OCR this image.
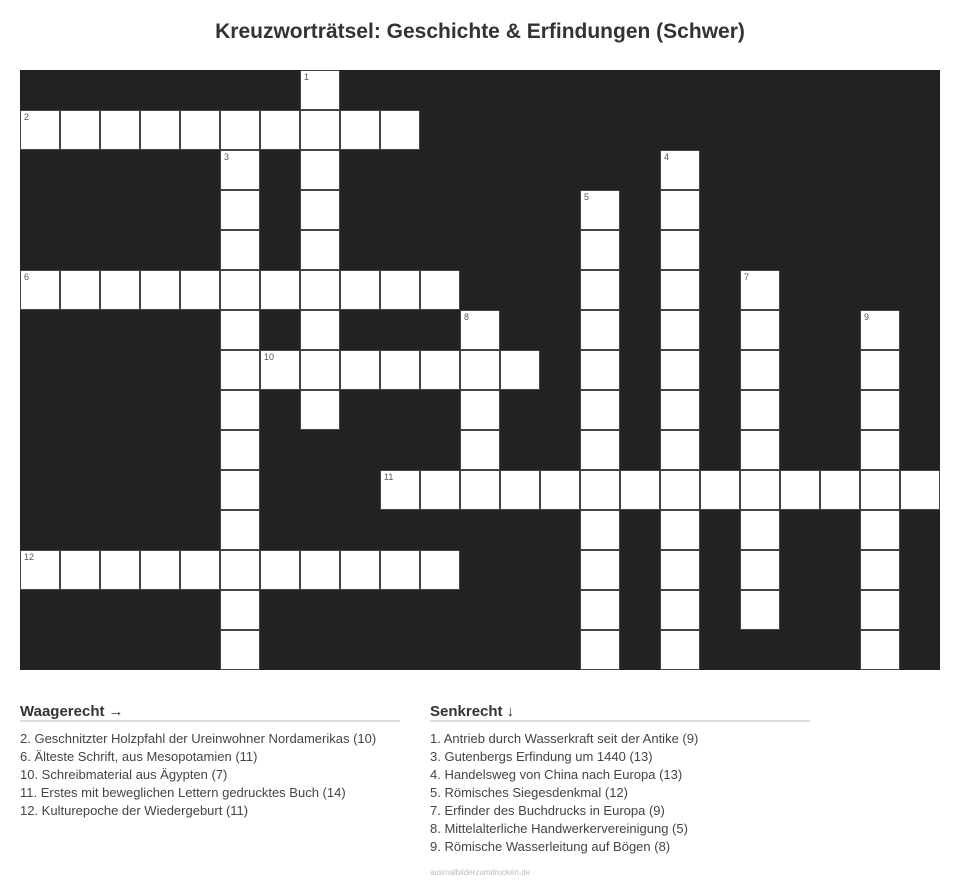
Kreuzworträtsel: Geschichte & Erfindungen (Schwer)
1
2
3	4
5
6	7
8	9
10
11
12
Waagerecht →
2. Geschnitzter Holzpfahl der Ureinwohner Nordamerikas (10)
6. Älteste Schrift, aus Mesopotamien (11)
10. Schreibmaterial aus Ägypten (7)
11. Erstes mit beweglichen Lettern gedrucktes Buch (14)
12. Kulturepoche der Wiedergeburt (11)
Senkrecht ↓
1. Antrieb durch Wasserkraft seit der Antike (9)
3. Gutenbergs Erfindung um 1440 (13)
4. Handelsweg von China nach Europa (13)
5. Römisches Siegesdenkmal (12)
7. Erfinder des Buchdrucks in Europa (9)
8. Mittelalterliche Handwerkervereinigung (5)
9. Römische Wasserleitung auf Bögen (8)
ausmalbilderzumdrucken.de
